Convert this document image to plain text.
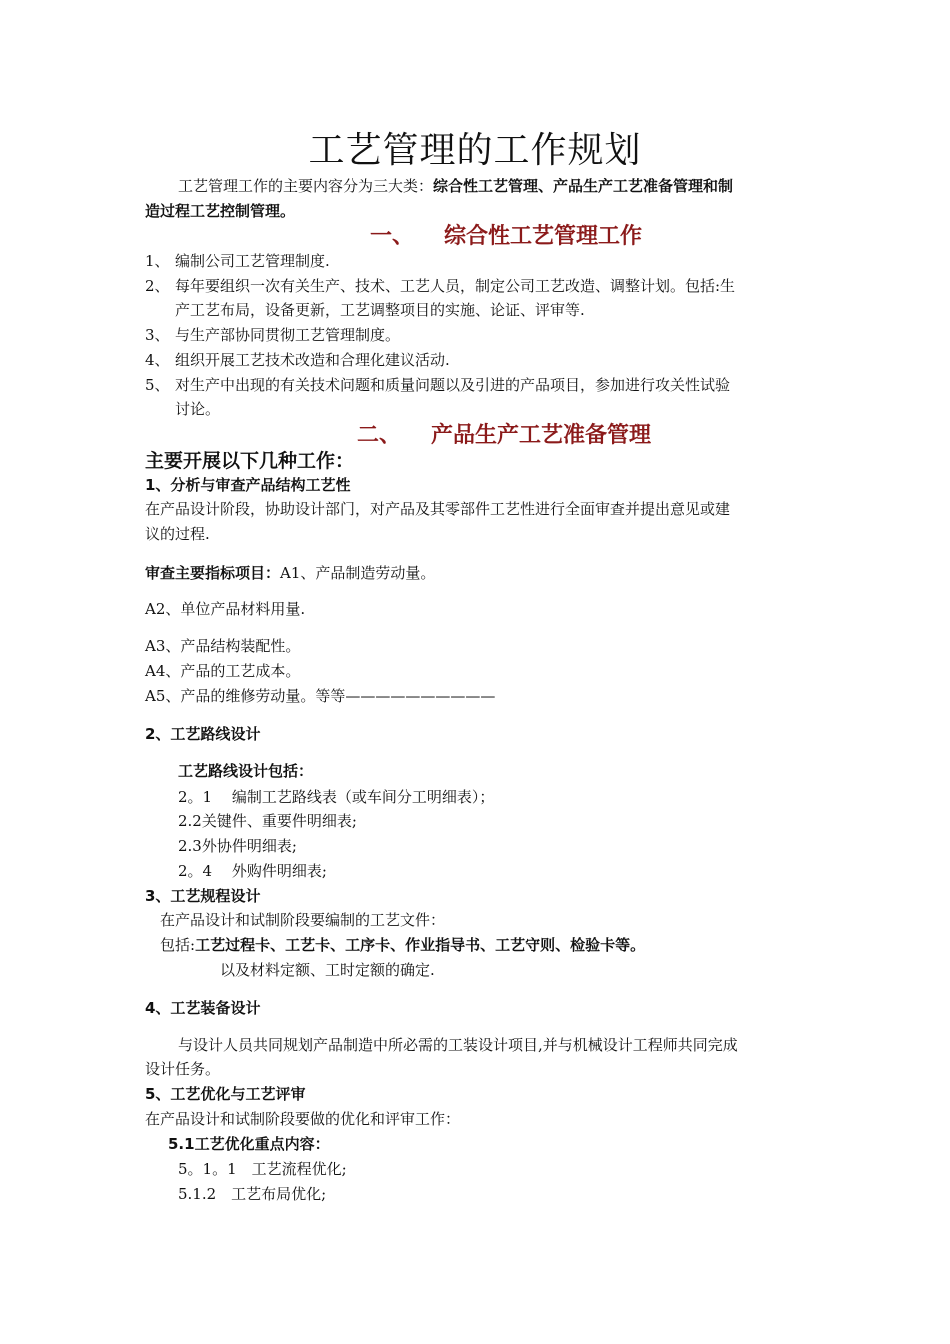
工艺管理的工作规划
工艺管理工作的主要内容分为三大类：综合性工艺管理、产品生产工艺准备管理和制
造过程工艺控制管理。
一、 综合性工艺管理工作
1、 编制公司工艺管理制度.
2、 每年要组织一次有关生产、技术、工艺人员，制定公司工艺改造、调整计划。包括:生
产工艺布局，设备更新，工艺调整项目的实施、论证、评审等.
3、 与生产部协同贯彻工艺管理制度。
4、 组织开展工艺技术改造和合理化建议活动.
5、 对生产中出现的有关技术问题和质量问题以及引进的产品项目，参加进行攻关性试验
讨论。
二、 产品生产工艺准备管理
主要开展以下几种工作：
1、分析与审查产品结构工艺性
在产品设计阶段，协助设计部门，对产品及其零部件工艺性进行全面审查并提出意见或建
议的过程.
审查主要指标项目：A1、产品制造劳动量。
A2、单位产品材料用量.
A3、产品结构装配性。
A4、产品的工艺成本。
A5、产品的维修劳动量。等等——————————
2、工艺路线设计
工艺路线设计包括：
2。1　 编制工艺路线表（或车间分工明细表）；
2.2关键件、重要件明细表;
2.3外协件明细表;
2。4　 外购件明细表;
3、工艺规程设计
在产品设计和试制阶段要编制的工艺文件：
包括:工艺过程卡、工艺卡、工序卡、作业指导书、工艺守则、检验卡等。
以及材料定额、工时定额的确定.
4、工艺装备设计
与设计人员共同规划产品制造中所必需的工装设计项目,并与机械设计工程师共同完成
设计任务。
5、工艺优化与工艺评审
在产品设计和试制阶段要做的优化和评审工作：
5.1工艺优化重点内容：
5。1。1　工艺流程优化;
5.1.2　工艺布局优化;
